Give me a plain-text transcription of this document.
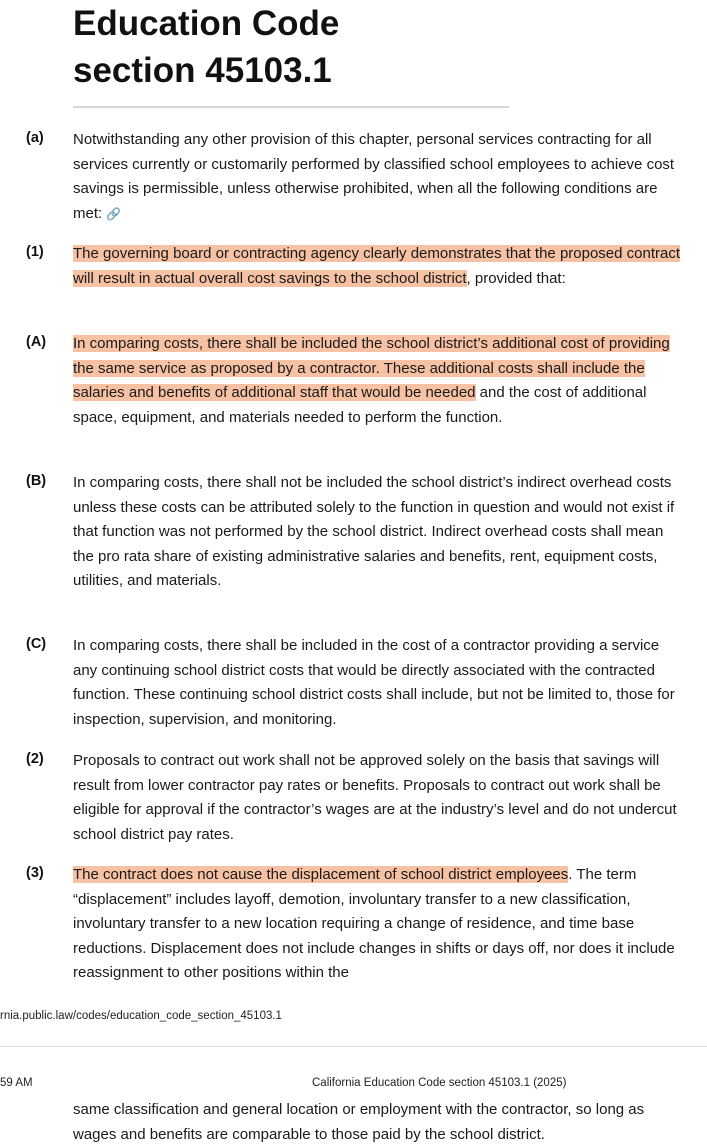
Education Code
section 45103.1
(a) Notwithstanding any other provision of this chapter, personal services contracting for all services currently or customarily performed by classified school employees to achieve cost savings is permissible, unless otherwise prohibited, when all the following conditions are met: 🔗
(1) The governing board or contracting agency clearly demonstrates that the proposed contract will result in actual overall cost savings to the school district, provided that:
(A) In comparing costs, there shall be included the school district’s additional cost of providing the same service as proposed by a contractor. These additional costs shall include the salaries and benefits of additional staff that would be needed and the cost of additional space, equipment, and materials needed to perform the function.
(B) In comparing costs, there shall not be included the school district’s indirect overhead costs unless these costs can be attributed solely to the function in question and would not exist if that function was not performed by the school district. Indirect overhead costs shall mean the pro rata share of existing administrative salaries and benefits, rent, equipment costs, utilities, and materials.
(C) In comparing costs, there shall be included in the cost of a contractor providing a service any continuing school district costs that would be directly associated with the contracted function. These continuing school district costs shall include, but not be limited to, those for inspection, supervision, and monitoring.
(2) Proposals to contract out work shall not be approved solely on the basis that savings will result from lower contractor pay rates or benefits. Proposals to contract out work shall be eligible for approval if the contractor’s wages are at the industry’s level and do not undercut school district pay rates.
(3) The contract does not cause the displacement of school district employees. The term “displacement” includes layoff, demotion, involuntary transfer to a new classification, involuntary transfer to a new location requiring a change of residence, and time base reductions. Displacement does not include changes in shifts or days off, nor does it include reassignment to other positions within the
rnia.public.law/codes/education_code_section_45103.1
59 AM	California Education Code section 45103.1 (2025)
same classification and general location or employment with the contractor, so long as wages and benefits are comparable to those paid by the school district.
